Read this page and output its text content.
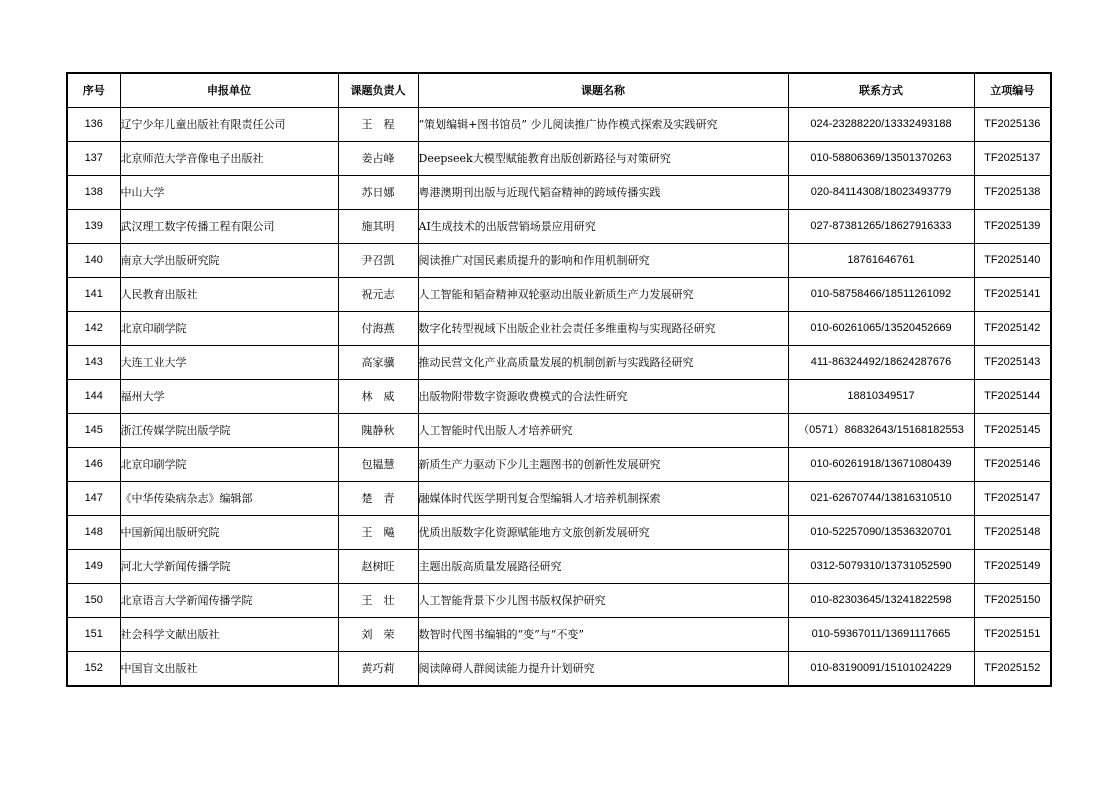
序号	申报单位	课题负责人	课题名称	联系方式	立项编号
136	辽宁少年儿童出版社有限责任公司	王　程	“策划编辑+图书馆员” 少儿阅读推广协作模式探索及实践研究	024-23288220/13332493188	TF2025136
137	北京师范大学音像电子出版社	姜占峰	Deepseek大模型赋能教育出版创新路径与对策研究	010-58806369/13501370263	TF2025137
138	中山大学	苏日娜	粤港澳期刊出版与近现代韬奋精神的跨域传播实践	020-84114308/18023493779	TF2025138
139	武汉理工数字传播工程有限公司	施其明	AI生成技术的出版营销场景应用研究	027-87381265/18627916333	TF2025139
140	南京大学出版研究院	尹召凯	阅读推广对国民素质提升的影响和作用机制研究	18761646761	TF2025140
141	人民教育出版社	祝元志	人工智能和韬奋精神双轮驱动出版业新质生产力发展研究	010-58758466/18511261092	TF2025141
142	北京印刷学院	付海燕	数字化转型视域下出版企业社会责任多维重构与实现路径研究	010-60261065/13520452669	TF2025142
143	大连工业大学	高家骥	推动民营文化产业高质量发展的机制创新与实践路径研究	411-86324492/18624287676	TF2025143
144	福州大学	林　威	出版物附带数字资源收费模式的合法性研究	18810349517	TF2025144
145	浙江传媒学院出版学院	隗静秋	人工智能时代出版人才培养研究	（0571）86832643/15168182553	TF2025145
146	北京印刷学院	包韫慧	新质生产力驱动下少儿主题图书的创新性发展研究	010-60261918/13671080439	TF2025146
147	《中华传染病杂志》编辑部	楚　青	融媒体时代医学期刊复合型编辑人才培养机制探索	021-62670744/13816310510	TF2025147
148	中国新闻出版研究院	王　飚	优质出版数字化资源赋能地方文旅创新发展研究	010-52257090/13536320701	TF2025148
149	河北大学新闻传播学院	赵树旺	主题出版高质量发展路径研究	0312-5079310/13731052590	TF2025149
150	北京语言大学新闻传播学院	王　壮	人工智能背景下少儿图书版权保护研究	010-82303645/13241822598	TF2025150
151	社会科学文献出版社	刘　荣	数智时代图书编辑的“变”与“不变”	010-59367011/13691117665	TF2025151
152	中国盲文出版社	黄巧莉	阅读障碍人群阅读能力提升计划研究	010-83190091/15101024229	TF2025152
